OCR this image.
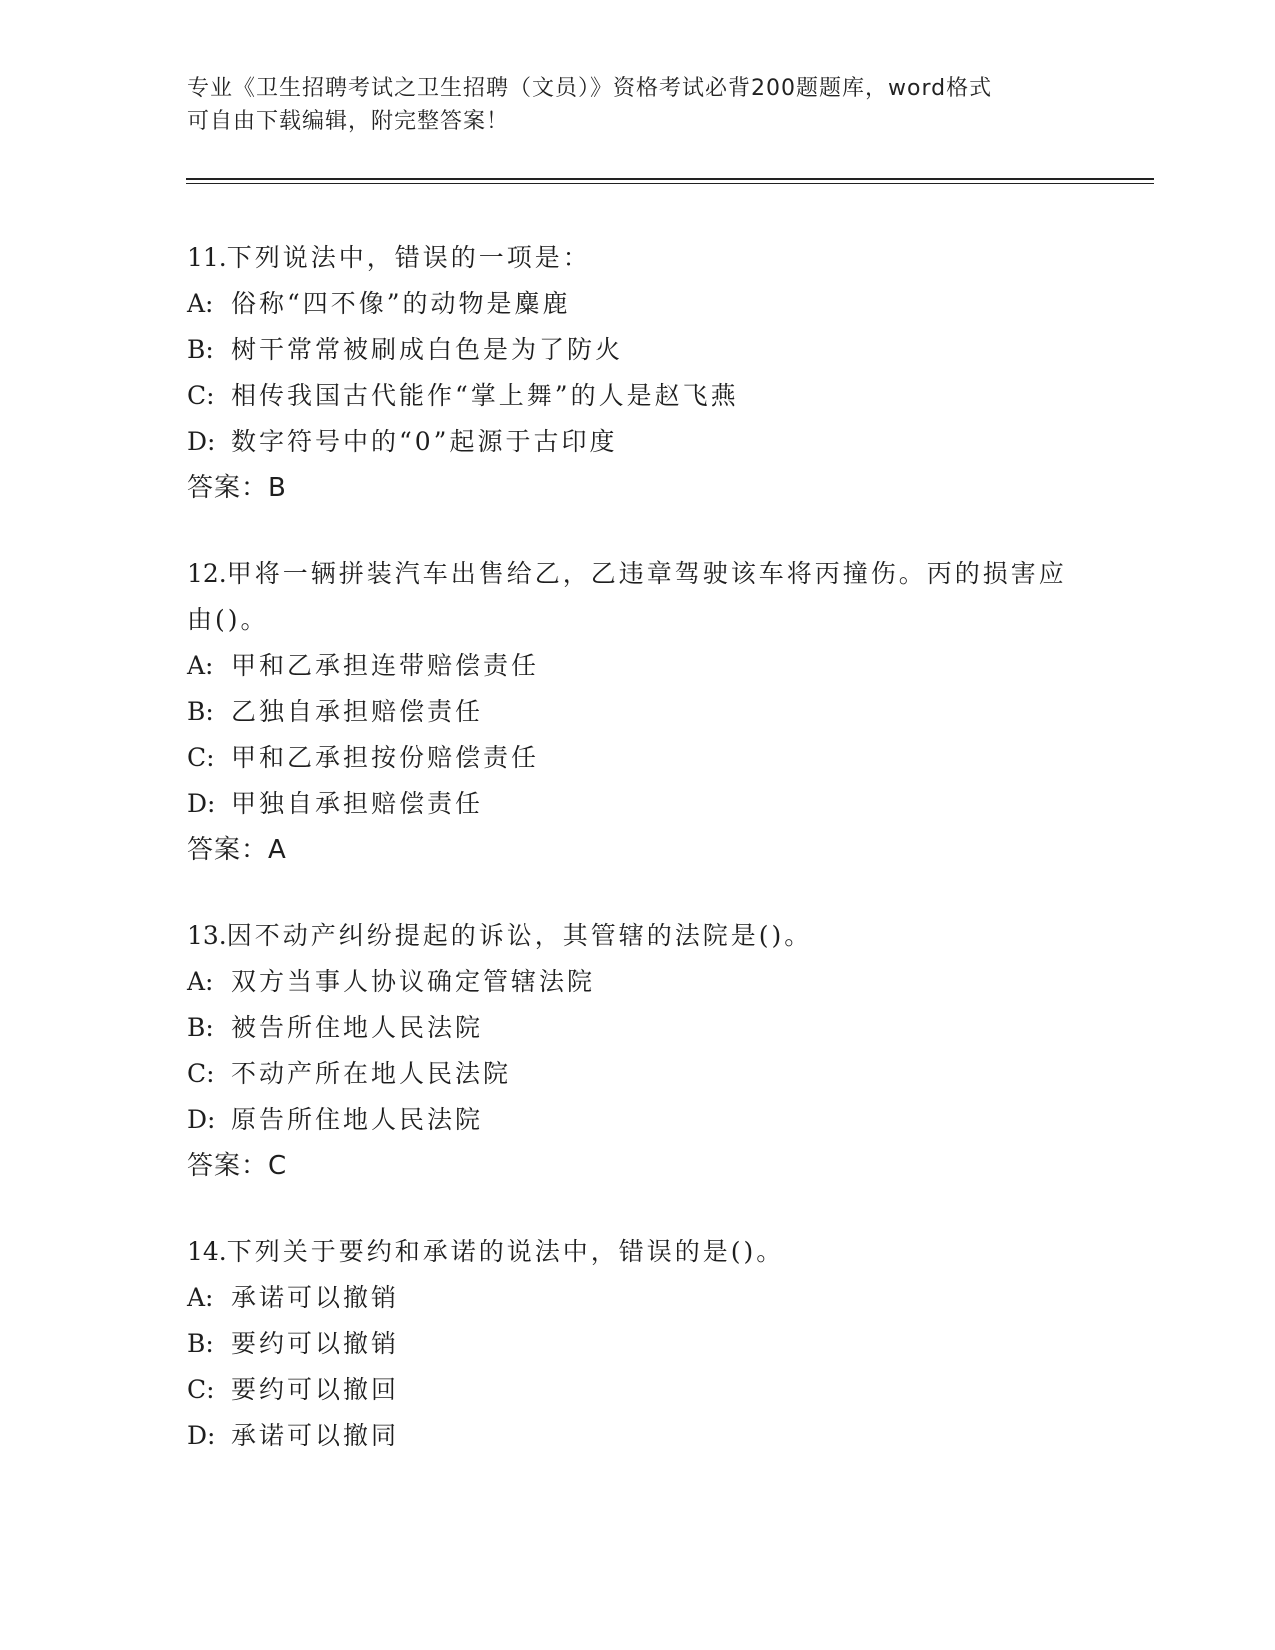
专业《卫生招聘考试之卫生招聘（文员）》资格考试必背200题题库，word格式
可自由下载编辑，附完整答案！
11.下列说法中，错误的一项是：
A: 俗称“四不像”的动物是麋鹿
B: 树干常常被刷成白色是为了防火
C: 相传我国古代能作“掌上舞”的人是赵飞燕
D: 数字符号中的“0”起源于古印度
答案：B
12.甲将一辆拼装汽车出售给乙，乙违章驾驶该车将丙撞伤。丙的损害应由()。
A: 甲和乙承担连带赔偿责任
B: 乙独自承担赔偿责任
C: 甲和乙承担按份赔偿责任
D: 甲独自承担赔偿责任
答案：A
13.因不动产纠纷提起的诉讼，其管辖的法院是()。
A: 双方当事人协议确定管辖法院
B: 被告所住地人民法院
C: 不动产所在地人民法院
D: 原告所住地人民法院
答案：C
14.下列关于要约和承诺的说法中，错误的是()。
A: 承诺可以撤销
B: 要约可以撤销
C: 要约可以撤回
D: 承诺可以撤同
